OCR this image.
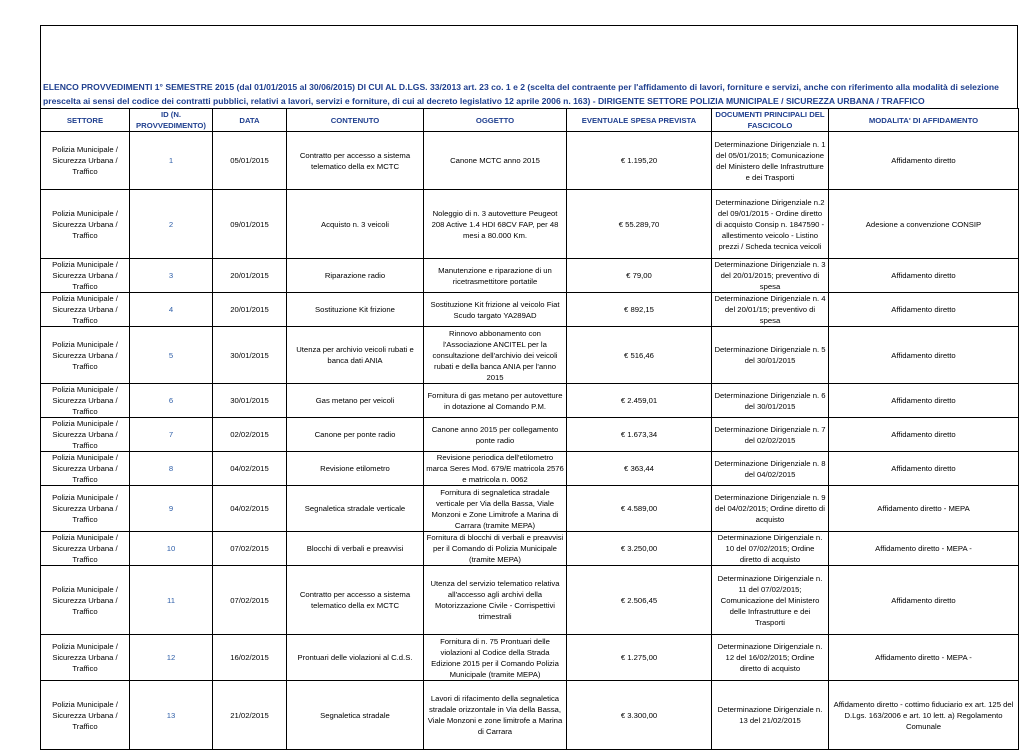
ELENCO PROVVEDIMENTI 1° SEMESTRE 2015 (dal 01/01/2015 al 30/06/2015) DI CUI AL D.LGS. 33/2013 art. 23 co. 1 e 2 (scelta del contraente per l'affidamento di lavori, forniture e servizi, anche con riferimento alla modalità di selezione prescelta ai sensi del codice dei contratti pubblici, relativi a lavori, servizi e forniture, di cui al decreto legislativo 12 aprile 2006 n. 163) - DIRIGENTE SETTORE POLIZIA MUNICIPALE / SICUREZZA URBANA / TRAFFICO
SETTORE	ID (N. PROVVEDIMENTO)	DATA	CONTENUTO	OGGETTO	EVENTUALE SPESA PREVISTA	DOCUMENTI PRINCIPALI DEL FASCICOLO	MODALITA' DI AFFIDAMENTO
Polizia Municipale / Sicurezza Urbana / Traffico	1	05/01/2015	Contratto per accesso a sistema telematico della ex MCTC	Canone MCTC anno 2015	€ 1.195,20	Determinazione Dirigenziale n. 1 del 05/01/2015; Comunicazione del Ministero delle Infrastrutture e dei Trasporti	Affidamento diretto
Polizia Municipale / Sicurezza Urbana / Traffico	2	09/01/2015	Acquisto n. 3 veicoli	Noleggio di n. 3 autovetture Peugeot 208 Active 1.4 HDI 68CV FAP, per 48 mesi a 80.000 Km.	€ 55.289,70	Determinazione Dirigenziale n.2 del 09/01/2015 - Ordine diretto di acquisto Consip n. 1847590 - allestimento veicolo - Listino prezzi / Scheda tecnica veicoli	Adesione a convenzione CONSIP
Polizia Municipale / Sicurezza Urbana / Traffico	3	20/01/2015	Riparazione radio	Manutenzione e riparazione di un ricetrasmettitore portatile	€ 79,00	Determinazione Dirigenziale n. 3 del 20/01/2015; preventivo di spesa	Affidamento diretto
Polizia Municipale / Sicurezza Urbana / Traffico	4	20/01/2015	Sostituzione Kit frizione	Sostituzione Kit frizione al veicolo Fiat Scudo targato YA289AD	€ 892,15	Determinazione Dirigenziale n. 4 del 20/01/15; preventivo di spesa	Affidamento diretto
Polizia Municipale / Sicurezza Urbana / Traffico	5	30/01/2015	Utenza per archivio veicoli rubati e banca dati ANIA	Rinnovo abbonamento con l'Associazione ANCITEL per la consultazione dell'archivio dei veicoli rubati e della banca ANIA per l'anno 2015	€ 516,46	Determinazione Dirigenziale n. 5 del 30/01/2015	Affidamento diretto
Polizia Municipale / Sicurezza Urbana / Traffico	6	30/01/2015	Gas metano per veicoli	Fornitura di gas metano per autovetture in dotazione al Comando P.M.	€ 2.459,01	Determinazione Dirigenziale n. 6 del 30/01/2015	Affidamento diretto
Polizia Municipale / Sicurezza Urbana / Traffico	7	02/02/2015	Canone per ponte radio	Canone anno 2015 per collegamento ponte radio	€ 1.673,34	Determinazione Dirigenziale n. 7 del 02/02/2015	Affidamento diretto
Polizia Municipale / Sicurezza Urbana / Traffico	8	04/02/2015	Revisione etilometro	Revisione periodica dell'etilometro marca Seres Mod. 679/E matricola 2576 e matricola n. 0062	€ 363,44	Determinazione Dirigenziale n. 8 del 04/02/2015	Affidamento diretto
Polizia Municipale / Sicurezza Urbana / Traffico	9	04/02/2015	Segnaletica stradale verticale	Fornitura di segnaletica stradale verticale per Via della Bassa, Viale Monzoni e Zone Limitrofe a Marina di Carrara (tramite MEPA)	€ 4.589,00	Determinazione Dirigenziale n. 9 del 04/02/2015; Ordine diretto di acquisto	Affidamento diretto - MEPA
Polizia Municipale / Sicurezza Urbana / Traffico	10	07/02/2015	Blocchi di verbali e preavvisi	Fornitura di blocchi di verbali e preavvisi per il Comando di Polizia Municipale (tramite MEPA)	€ 3.250,00	Determinazione Dirigenziale n. 10 del 07/02/2015; Ordine diretto di acquisto	Affidamento diretto - MEPA -
Polizia Municipale / Sicurezza Urbana / Traffico	11	07/02/2015	Contratto per accesso a sistema telematico della ex MCTC	Utenza del servizio telematico relativa all'accesso agli archivi della Motorizzazione Civile - Corrispettivi trimestrali	€ 2.506,45	Determinazione Dirigenziale n. 11 del 07/02/2015; Comunicazione del Ministero delle Infrastrutture e dei Trasporti	Affidamento diretto
Polizia Municipale / Sicurezza Urbana / Traffico	12	16/02/2015	Prontuari delle violazioni al C.d.S.	Fornitura di n. 75 Prontuari delle violazioni al Codice della Strada Edizione 2015 per il Comando Polizia Municipale (tramite MEPA)	€ 1.275,00	Determinazione Dirigenziale n. 12 del 16/02/2015; Ordine diretto di acquisto	Affidamento diretto - MEPA -
Polizia Municipale / Sicurezza Urbana / Traffico	13	21/02/2015	Segnaletica stradale	Lavori di rifacimento della segnaletica stradale orizzontale in Via della Bassa, Viale Monzoni e zone limitrofe a Marina di Carrara	€ 3.300,00	Determinazione Dirigenziale n. 13 del 21/02/2015	Affidamento diretto - cottimo fiduciario ex art. 125 del D.Lgs. 163/2006 e art. 10 lett. a) Regolamento Comunale
